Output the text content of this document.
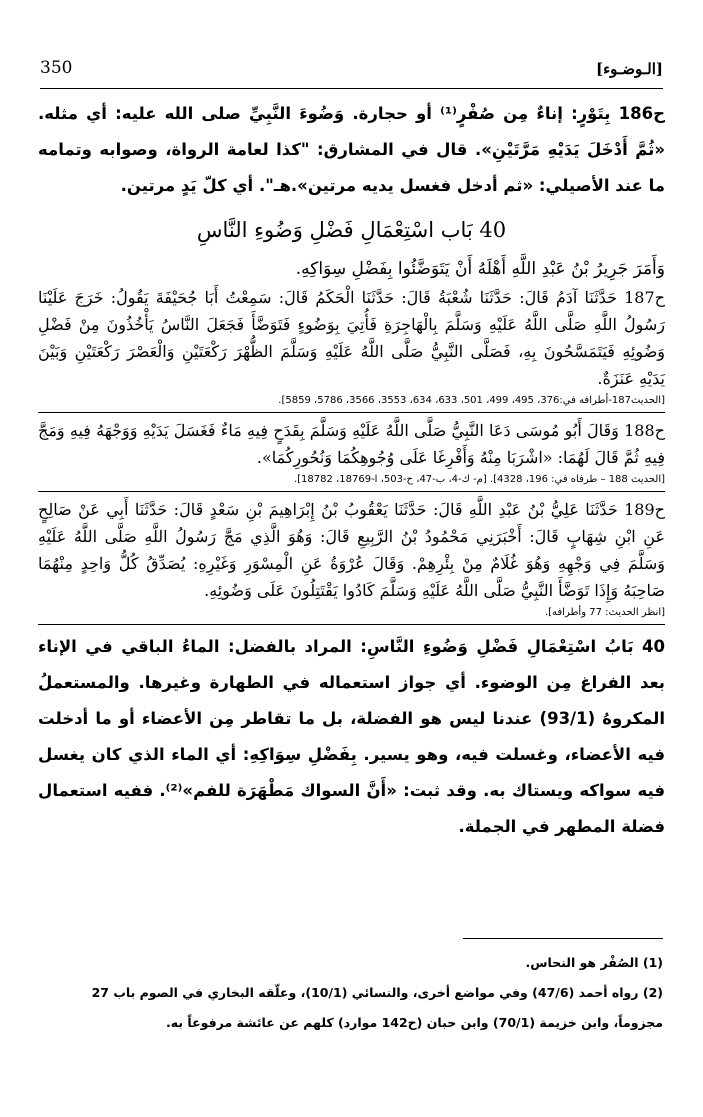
350	[الـوضـوء]

ح186 بِتَوْرٍ: إناءٌ مِن صُفْرٍ⁽¹⁾ أو حجارة. وَضُوءَ النَّبِيِّ صلى الله عليه: أي مثله. «ثُمَّ أَدْخَلَ يَدَيْهِ مَرَّتَيْنِ». قال في المشارق: "كذا لعامة الرواة، وصوابه وتمامه ما عند الأصيلي: «ثم أدخل فغسل يديه مرتين».هـ". أي كلّ يَدٍ مرتين.

40 بَاب اسْتِعْمَالِ فَضْلِ وَضُوءِ النَّاسِ

وَأَمَرَ جَرِيرُ بْنُ عَبْدِ اللَّهِ أَهْلَهُ أَنْ يَتَوَضَّئُوا بِفَضْلِ سِوَاكِهِ.

ح187 حَدَّثَنَا آدَمُ قَالَ: حَدَّثَنَا شُعْبَةُ قَالَ: حَدَّثَنَا الْحَكَمُ قَالَ: سَمِعْتُ أَبَا جُحَيْفَةَ يَقُولُ: خَرَجَ عَلَيْنَا رَسُولُ اللَّهِ صَلَّى اللَّهُ عَلَيْهِ وَسَلَّمَ بِالْهَاجِرَةِ فَأُتِيَ بِوَضُوءٍ فَتَوَضَّأَ فَجَعَلَ النَّاسُ يَأْخُذُونَ مِنْ فَضْلِ وَضُوئِهِ فَيَتَمَسَّحُونَ بِهِ، فَصَلَّى النَّبِيُّ صَلَّى اللَّهُ عَلَيْهِ وَسَلَّمَ الظُّهْرَ رَكْعَتَيْنِ وَالْعَصْرَ رَكْعَتَيْنِ وَبَيْنَ يَدَيْهِ عَنَزَةٌ.
[الحديث187-أطرافه في:376، 495، 499، 501، 633، 634، 3553، 3566، 5786، 5859].

ح188 وَقَالَ أَبُو مُوسَى دَعَا النَّبِيُّ صَلَّى اللَّهُ عَلَيْهِ وَسَلَّمَ بِقَدَحٍ فِيهِ مَاءٌ فَغَسَلَ يَدَيْهِ وَوَجْهَهُ فِيهِ وَمَجَّ فِيهِ ثُمَّ قَالَ لَهُمَا: «اشْرَبَا مِنْهُ وَأَفْرِغَا عَلَى وُجُوهِكُمَا وَنُحُورِكُمَا».
[الحديث 188 – طرفاه في: 196، 4328]. [م- ك-4، ب-47، ح-503، ا-18769، 18782].

ح189 حَدَّثَنَا عَلِيُّ بْنُ عَبْدِ اللَّهِ قَالَ: حَدَّثَنَا يَعْقُوبُ بْنُ إِبْرَاهِيمَ بْنِ سَعْدٍ قَالَ: حَدَّثَنَا أَبِي عَنْ صَالِحٍ عَنِ ابْنِ شِهَابٍ قَالَ: أَخْبَرَنِي مَحْمُودُ بْنُ الرَّبِيعِ قَالَ: وَهُوَ الَّذِي مَجَّ رَسُولُ اللَّهِ صَلَّى اللَّهُ عَلَيْهِ وَسَلَّمَ فِي وَجْهِهِ وَهُوَ غُلَامٌ مِنْ بِئْرِهِمْ. وَقَالَ عُرْوَةُ عَنِ الْمِسْوَرِ وَغَيْرِهِ: يُصَدِّقُ كُلُّ وَاحِدٍ مِنْهُمَا صَاحِبَهُ وَإِذَا تَوَضَّأَ النَّبِيُّ صَلَّى اللَّهُ عَلَيْهِ وَسَلَّمَ كَادُوا يَقْتَتِلُونَ عَلَى وَضُوئِهِ.
[انظر الحديث: 77 وأطرافه].

40 بَابُ اسْتِعْمَالِ فَضْلِ وَضُوءِ النَّاسِ: المراد بالفضل: الماءُ الباقي في الإناء بعد الفراغ مِن الوضوء. أي جواز استعماله في الطهارة وغيرها. والمستعملُ المكروهُ (93/1) عندنا ليس هو الفضلة، بل ما تقاطر مِن الأعضاء أو ما أدخلت فيه الأعضاء، وغسلت فيه، وهو يسير. بِفَضْلِ سِوَاكِهِ: أي الماء الذي كان يغسل فيه سواكه ويستاك به. وقد ثبت: «أَنَّ السواك مَطْهَرَة للفم»⁽²⁾. ففيه استعمال فضلة المطهر في الجملة.

(1) الصُفْر هو النحاس.
(2) رواه أحمد (47/6) وفي مواضع أخرى، والنسائي (10/1)، وعلّقه البخاري في الصوم باب 27 مجزوماً، وابن خزيمة (70/1) وابن حبان (ح142 موارد) كلهم عن عائشة مرفوعاً به.
